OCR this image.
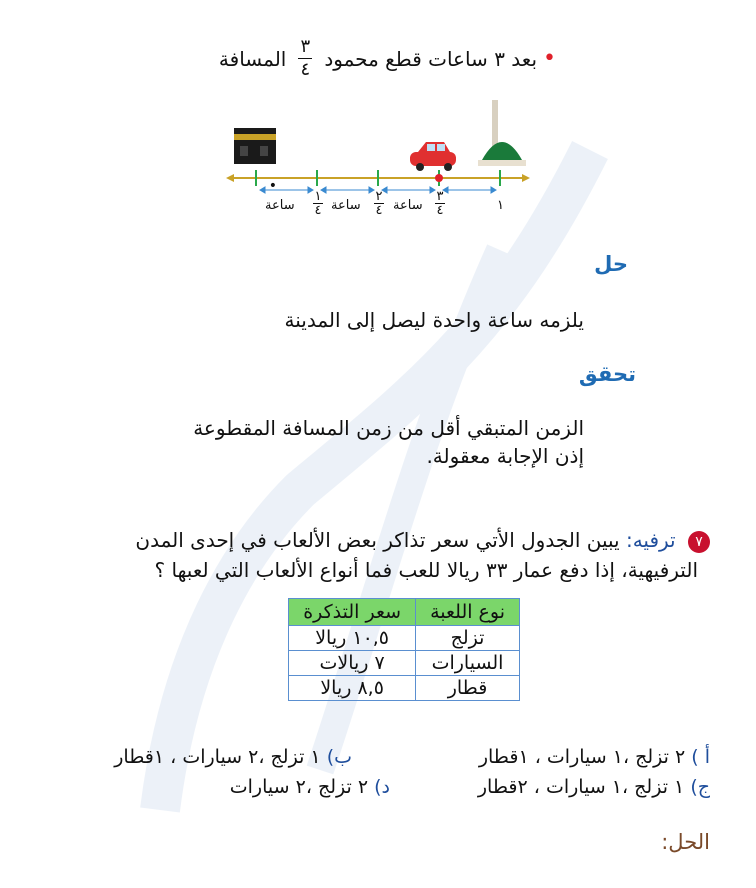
•
بعد ٣ ساعات قطع محمود
$\frac{٣}{٤}$
المسافة
•
ساعة
١
٤ ساعة
٢
٤ ساعة
٣
٤	١
حل
يلزمه ساعة واحدة ليصل إلى المدينة
تحقق
الزمن المتبقي أقل من زمن المسافة المقطوعة
إذن الإجابة معقولة.
٧ ترفيه: يبين الجدول الأتي سعر تذاكر بعض الألعاب في إحدى المدن
الترفيهية، إذا دفع عمار ٣٣ ريالا للعب فما أنواع الألعاب التي لعبها ؟
نوع اللعبة	سعر التذكرة
تزلج	١٠,٥ ريالا
السيارات	٧ ريالات
قطار	٨,٥ ريالا
أ ) ٢ تزلج ،١ سيارات ، ١قطار
ب) ١ تزلج ،٢ سيارات ، ١قطار
ج) ١ تزلج ،١ سيارات ، ٢قطار
د) ٢ تزلج ،٢ سيارات
الحل:
